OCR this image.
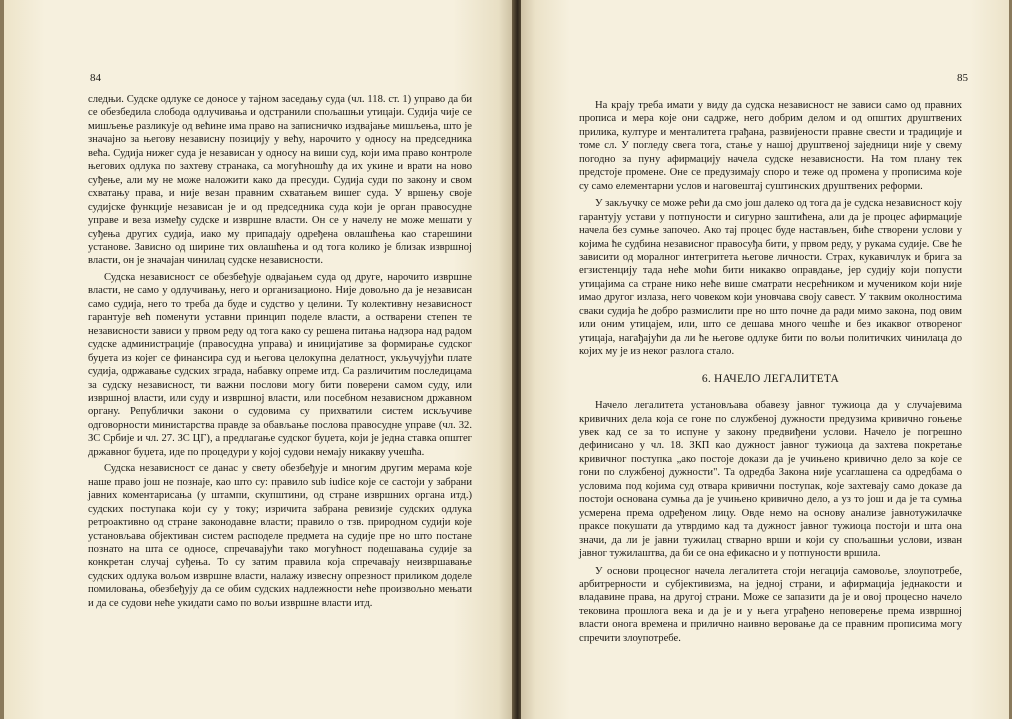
84

следњи. Судске одлуке се доносе у тајном заседању суда (чл. 118. ст. 1) управо да би се обезбедила слобода одлучивања и одстранили спољашњи утицаји. Судија чије се мишљење разликује од већине има право на записничко издвајање мишљења, што је значајно за његову независну позицију у већу, нарочито у односу на председника већа. Судија нижег суда је независан у односу на виши суд, који има право контроле његових одлука по захтеву странака, са могућношћу да их укине и врати на ново суђење, али му не може наложити како да пресуди. Судија суди по закону и свом схватању права, и није везан правним схватањем вишег суда. У вршењу своје судијске функције независан је и од председника суда који је орган правосудне управе и веза између судске и извршне власти. Он се у начелу не може мешати у суђења других судија, иако му припадају одређена овлашћења као старешини установе. Зависно од ширине тих овлашћења и од тога колико је близак извршној власти, он је значајан чинилац судске независности.

Судска независност се обезбеђује одвајањем суда од друге, нарочито извршне власти, не само у одлучивању, него и организационо. Није довољно да је независан само судија, него то треба да буде и судство у целини. Ту колективну независност гарантује већ поменути уставни принцип поделе власти, а остварени степен те независности зависи у првом реду од тога како су решена питања надзора над радом судске администрације (правосудна управа) и иницијативе за формирање судског буџета из којег се финансира суд и његова целокупна делатност, укључујући плате судија, одржавање судских зграда, набавку опреме итд. Са различитим последицама за судску независност, ти важни послови могу бити поверени самом суду, или извршној власти, или суду и извршној власти, или посебном независном државном органу. Републички закони о судовима су прихватили систем искључиве одговорности министарства правде за обављање послова правосудне управе (чл. 32. ЗС Србије и чл. 27. ЗС ЦГ), а предлагање судског буџета, који је једна ставка општег државног буџета, иде по процедури у којој судови немају никакву учешћа.

Судска независност се данас у свету обезбеђује и многим другим мерама које наше право још не познаје, као што су: правило sub iudice које се састоји у забрани јавних коментарисања (у штампи, скупштини, од стране извршних органа итд.) судских поступака који су у току; изричита забрана ревизије судских одлука ретроактивно од стране законодавне власти; правило о тзв. природном судији које установљава објективан систем расподеле предмета на судије пре но што постане познато на шта се односе, спречавајући тако могућност подешавања судије за конкретан случај суђења. То су затим правила која спречавају неизвршавање судских одлука вољом извршне власти, налажу извесну опрезност приликом доделе помиловања, обезбеђују да се обим судских надлежности неће произвољно мењати и да се судови неће укидати само по вољи извршне власти итд.

85

На крају треба имати у виду да судска независност не зависи само од правних прописа и мера које они садрже, него добрим делом и од општих друштвених прилика, културе и менталитета грађана, развијености правне свести и традиције и томе сл. У погледу свега тога, стање у нашој друштвеној заједници није у свему погодно за пуну афирмацију начела судске независности. На том плану тек предстоје промене. Оне се предузимају споро и теже од промена у прописима које су само елементарни услов и наговештај суштинских друштвених реформи.

У закључку се може рећи да смо још далеко од тога да је судска независност коју гарантују устави у потпуности и сигурно заштићена, али да је процес афирмације начела без сумње започео. Ако тај процес буде настављен, биће створени услови у којима ће судбина независног правосуђа бити, у првом реду, у рукама судије. Све ће зависити од моралног интегритета његове личности. Страх, кукавичлук и бригa за егзистенцију тада неће моћи бити никакво оправдање, јер судију који попусти утицајима са стране нико неће више сматрати несрећником и мучеником који није имао другог излаза, него човеком који уновчава своју савест. У таквим околностима сваки судија ће добро размислити пре но што почне да ради мимо закона, под овим или оним утицајем, или, што се дешава много чешће и без икаквог отвореног утицаја, нагађајући да ли ће његове одлуке бити по вољи политичких чинилаца до којих му је из неког разлога стало.

6. НАЧЕЛО ЛЕГАЛИТЕТА

Начело легалитета установљава обавезу јавног тужиоца да у случајевима кривичних дела која се гоне по службеној дужности предузима кривично гоњење увек кад се за то испуне у закону предвиђени услови. Начело је погрешно дефинисано у чл. 18. ЗКП као дужност јавног тужиоца да захтева покретање кривичног поступка „ако постоје докази да је учињено кривично дело за које се гони по службеној дужности". Та одредба Закона није усаглашена са одредбама о условима под којима суд отвара кривични поступак, које захтевају само доказе да постоји основана сумња да је учињено кривично дело, а уз то још и да је та сумња усмерена према одређеном лицу. Овде немо на основу анализе јавнотужилачке праксе покушати да утврдимо кад та дужност јавног тужиоца постоји и шта она значи, да ли је јавни тужилац стварно врши и који су спољашњи услови, изван јавног тужилаштва, да би се она ефикасно и у потпуности вршила.

У основи процесног начела легалитета стоји негација самовоље, злоупотребе, арбитрерности и субјективизма, на једној страни, и афирмација једнакости и владавине права, на другој страни. Може се запазити да је и овој процесно начело тековина прошлога века и да је и у њега уграђено неповерење према извршној власти онога времена и прилично наивно веровање да се правним прописима могу спречити злоупотребе.
